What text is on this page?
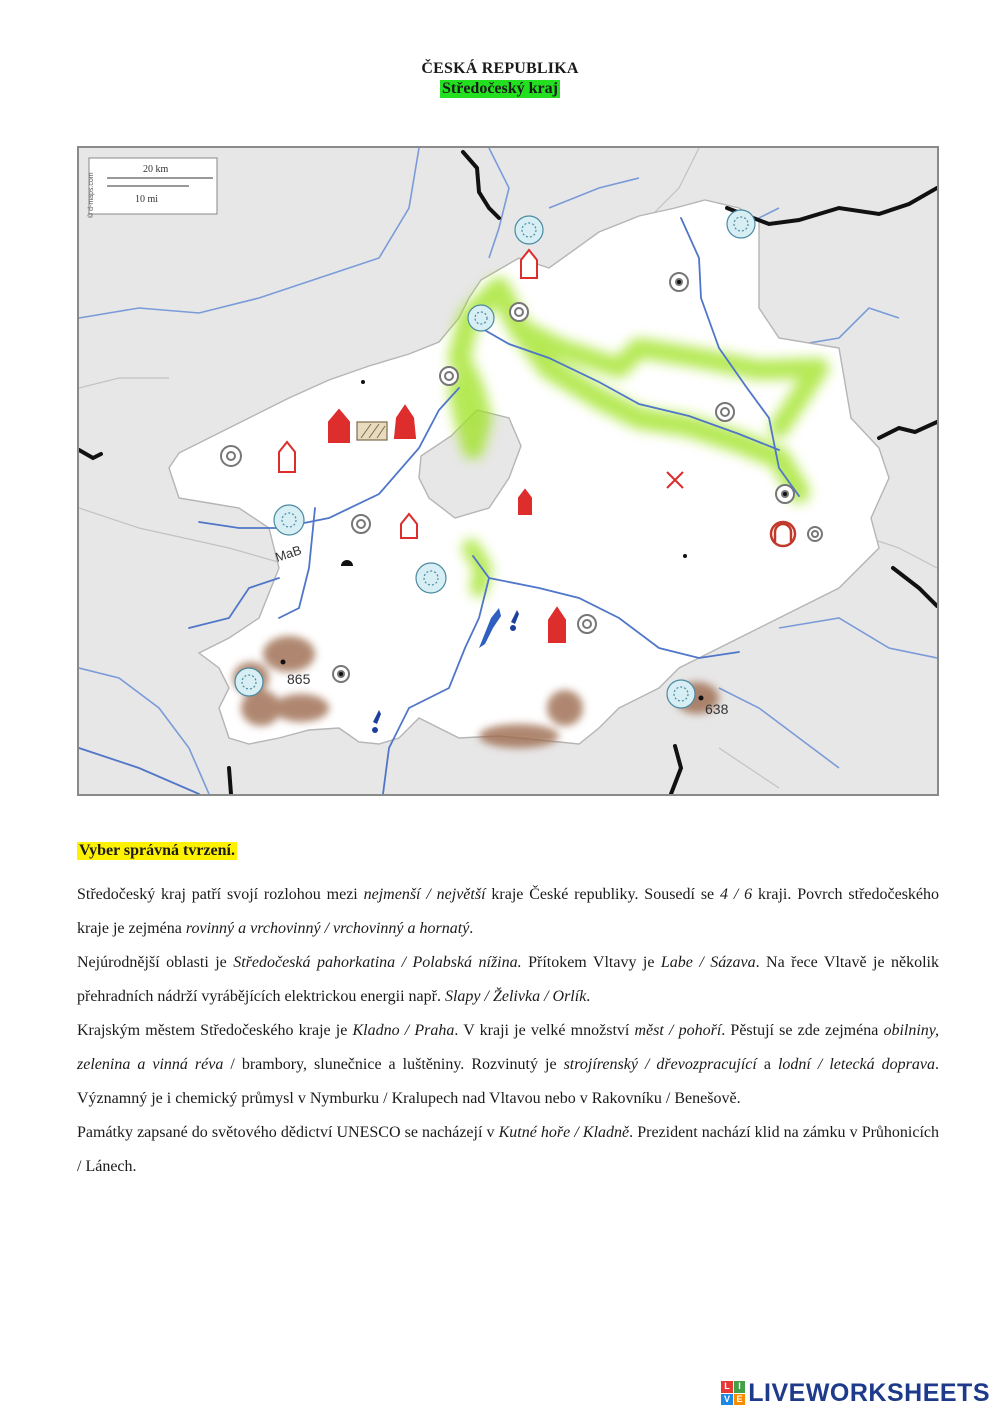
ČESKÁ REPUBLIKA
Středočeský kraj
20 km
10 mi
© d-maps.com
865
638
MaB
Vyber správná tvrzení.

Středočeský kraj patří svojí rozlohou mezi nejmenší / největší kraje České republiky. Sousedí se 4 / 6 kraji. Povrch středočeského kraje je zejména rovinný a vrchovinný / vrchovinný a hornatý.

Nejúrodnější oblasti je Středočeská pahorkatina / Polabská nížina. Přítokem Vltavy je Labe / Sázava. Na řece Vltavě je několik přehradních nádrží vyrábějících elektrickou energii např. Slapy / Želivka / Orlík.

Krajským městem Středočeského kraje je Kladno / Praha. V kraji je velké množství měst / pohoří. Pěstují se zde zejména obilniny, zelenina a vinná réva / brambory, slunečnice a luštěniny. Rozvinutý je strojírenský / dřevozpracující a lodní / letecká doprava. Významný je i chemický průmysl v Nymburku / Kralupech nad Vltavou nebo v Rakovníku / Benešově.

Památky zapsané do světového dědictví UNESCO se nacházejí v Kutné hoře / Kladně. Prezident nachází klid na zámku v Průhonicích / Lánech.

L I
V E LIVEWORKSHEETS
